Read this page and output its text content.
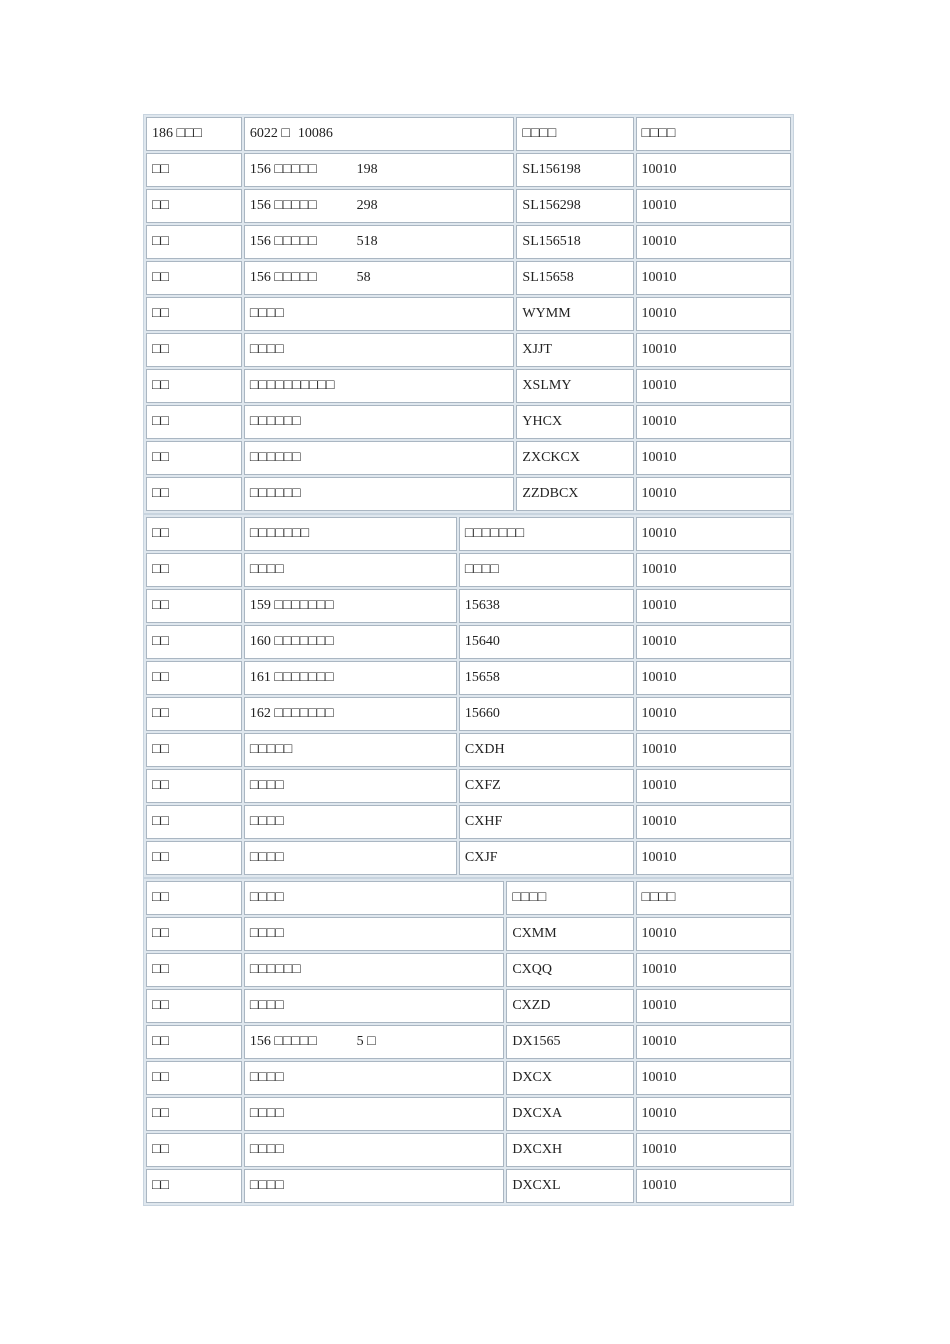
186 □□□	6022 □ 10086	□□□□	□□□□
□□	156 □□□□□ 198	SL156198	10010
□□	156 □□□□□ 298	SL156298	10010
□□	156 □□□□□ 518	SL156518	10010
□□	156 □□□□□ 58	SL15658	10010
□□	□□□□	WYMM	10010
□□	□□□□	XJJT	10010
□□	□□□□□□□□□□	XSLMY	10010
□□	□□□□□□	YHCX	10010
□□	□□□□□□	ZXCKCX	10010
□□	□□□□□□	ZZDBCX	10010
□□	□□□□□□□	□□□□□□□	10010
□□	□□□□	□□□□	10010
□□	159 □□□□□□□	15638	10010
□□	160 □□□□□□□	15640	10010
□□	161 □□□□□□□	15658	10010
□□	162 □□□□□□□	15660	10010
□□	□□□□□	CXDH	10010
□□	□□□□	CXFZ	10010
□□	□□□□	CXHF	10010
□□	□□□□	CXJF	10010
□□	□□□□	□□□□	□□□□
□□	□□□□	CXMM	10010
□□	□□□□□□	CXQQ	10010
□□	□□□□	CXZD	10010
□□	156 □□□□□ 5 □	DX1565	10010
□□	□□□□	DXCX	10010
□□	□□□□	DXCXA	10010
□□	□□□□	DXCXH	10010
□□	□□□□	DXCXL	10010
